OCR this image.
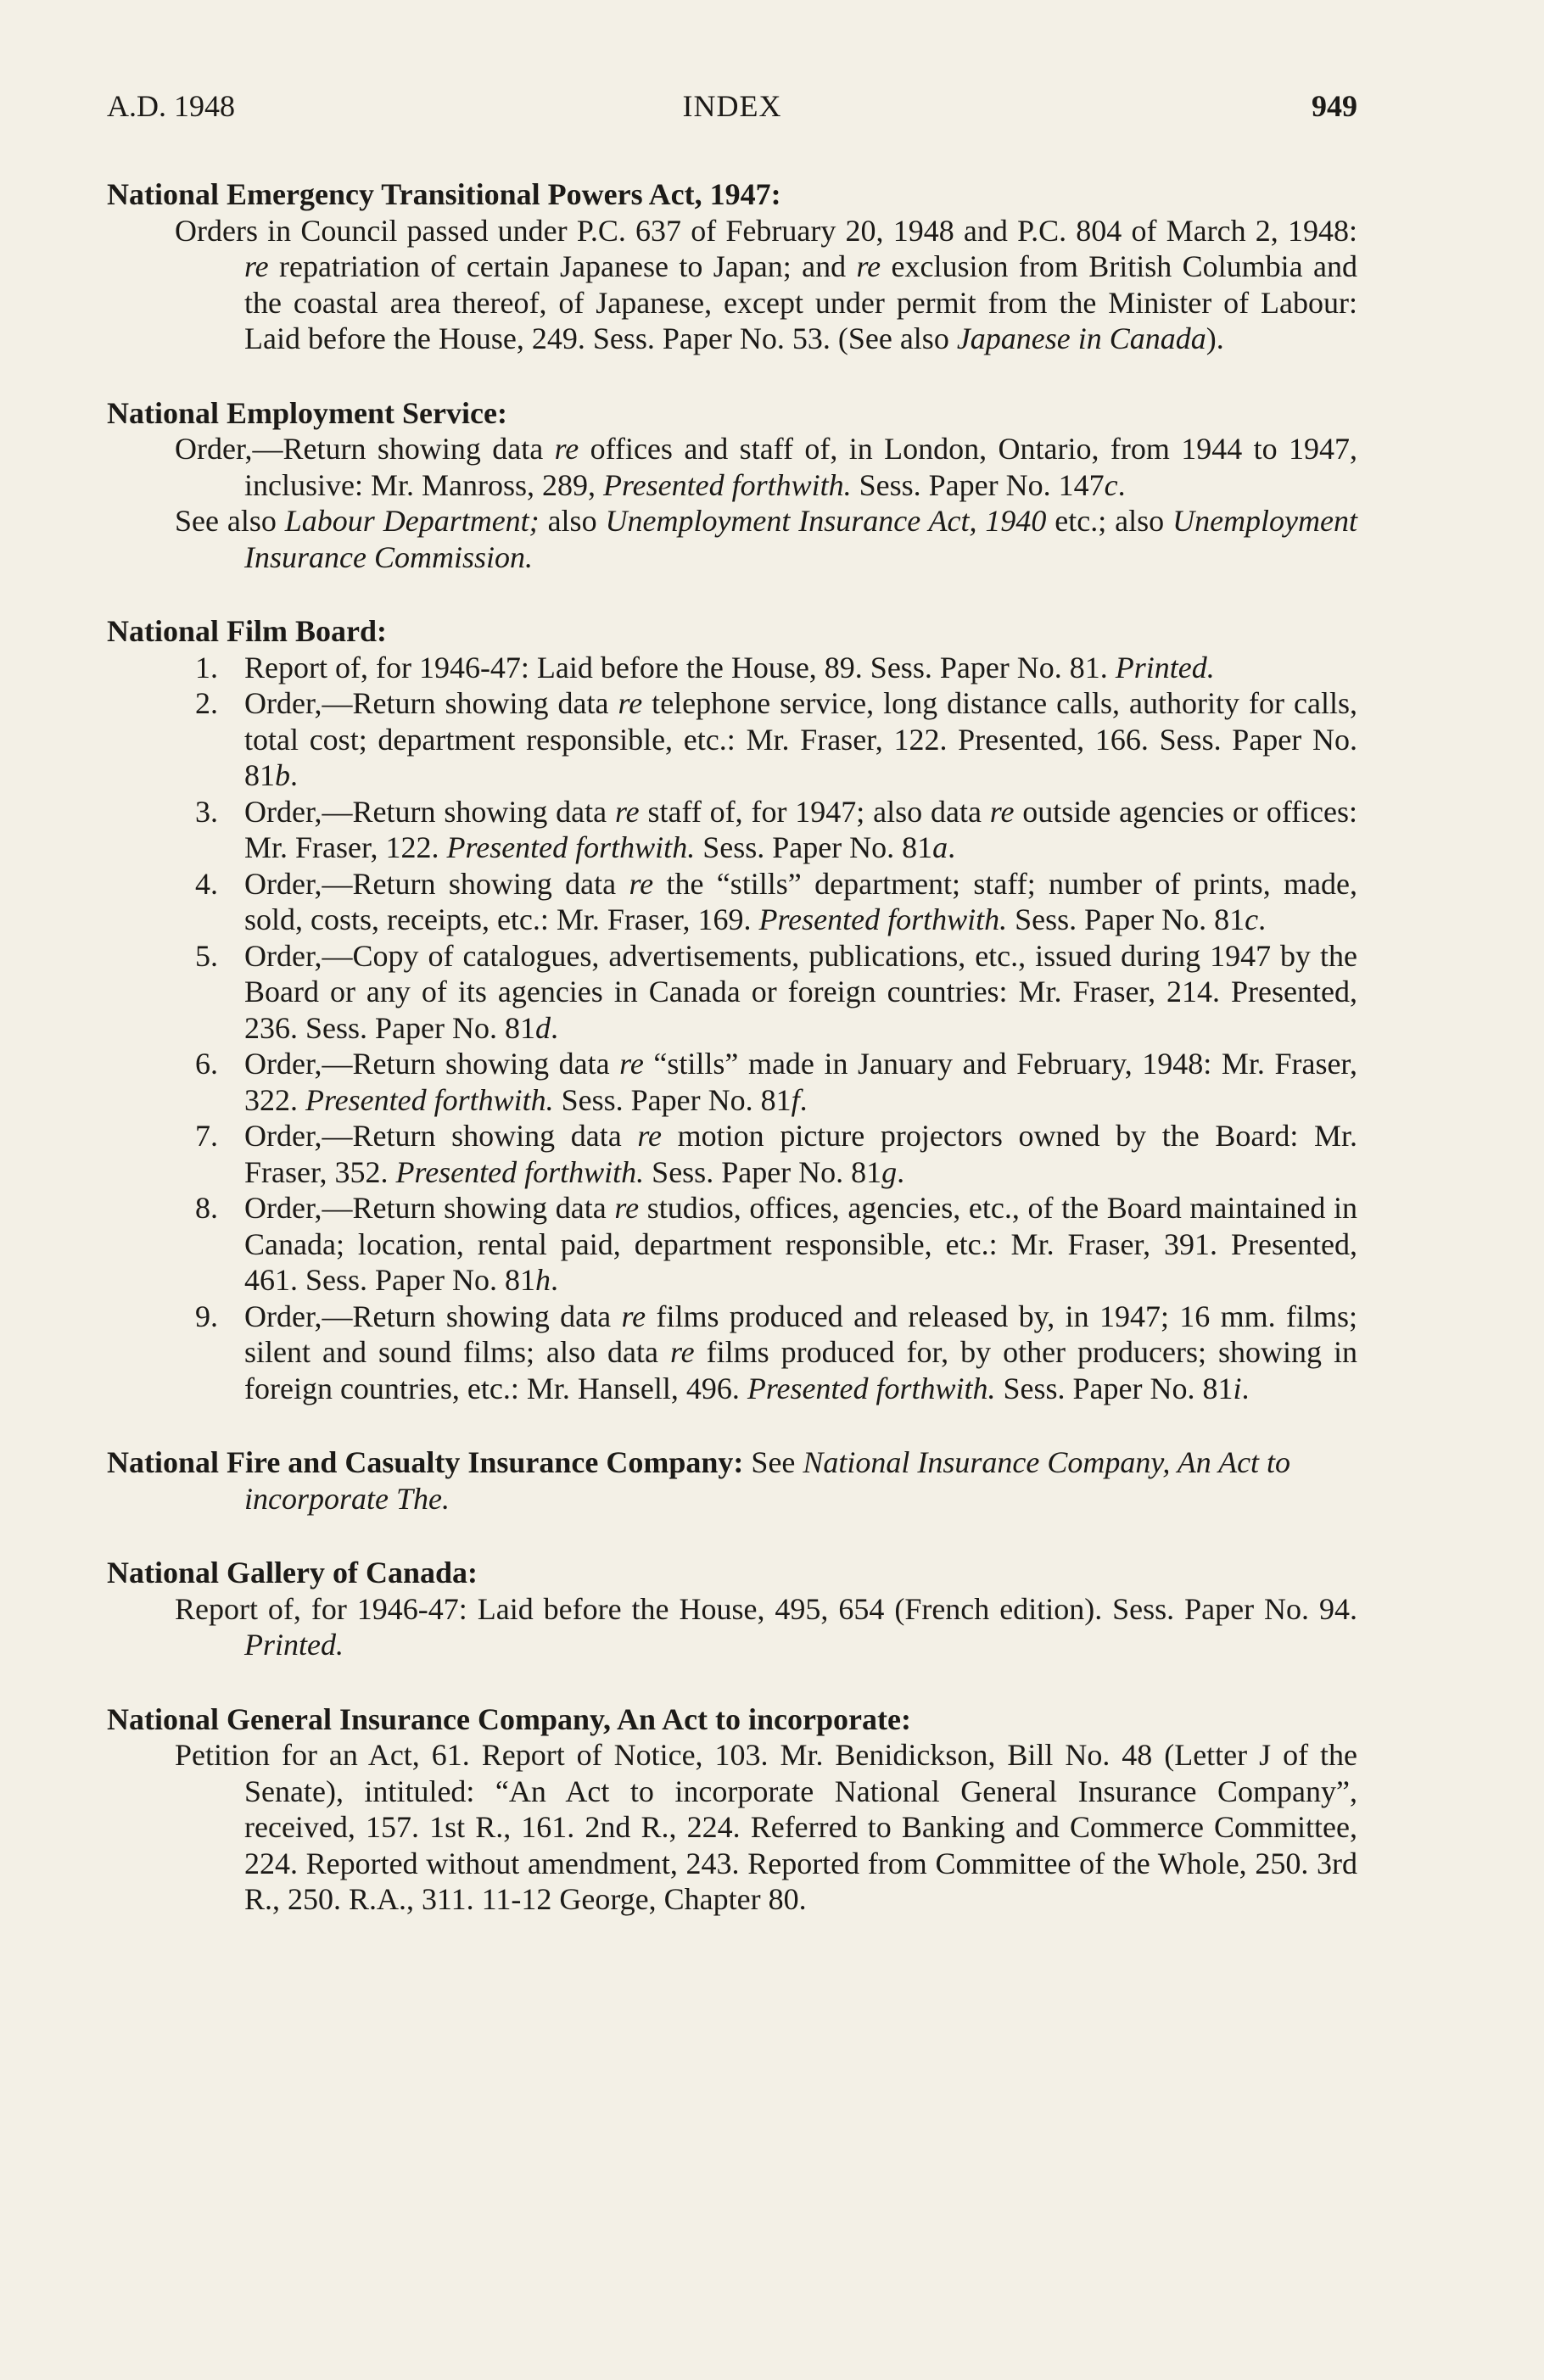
A.D. 1948	INDEX	949
National Emergency Transitional Powers Act, 1947:
Orders in Council passed under P.C. 637 of February 20, 1948 and P.C. 804 of March 2, 1948: re repatriation of certain Japanese to Japan; and re exclusion from British Columbia and the coastal area thereof, of Japanese, except under permit from the Minister of Labour: Laid before the House, 249. Sess. Paper No. 53. (See also Japanese in Canada).
National Employment Service:
Order,—Return showing data re offices and staff of, in London, Ontario, from 1944 to 1947, inclusive: Mr. Manross, 289, Presented forthwith. Sess. Paper No. 147c.
See also Labour Department; also Unemployment Insurance Act, 1940 etc.; also Unemployment Insurance Commission.
National Film Board:
1. Report of, for 1946-47: Laid before the House, 89. Sess. Paper No. 81. Printed.
2. Order,—Return showing data re telephone service, long distance calls, authority for calls, total cost; department responsible, etc.: Mr. Fraser, 122. Presented, 166. Sess. Paper No. 81b.
3. Order,—Return showing data re staff of, for 1947; also data re outside agencies or offices: Mr. Fraser, 122. Presented forthwith. Sess. Paper No. 81a.
4. Order,—Return showing data re the “stills” department; staff; number of prints, made, sold, costs, receipts, etc.: Mr. Fraser, 169. Presented forthwith. Sess. Paper No. 81c.
5. Order,—Copy of catalogues, advertisements, publications, etc., issued during 1947 by the Board or any of its agencies in Canada or foreign countries: Mr. Fraser, 214. Presented, 236. Sess. Paper No. 81d.
6. Order,—Return showing data re “stills” made in January and February, 1948: Mr. Fraser, 322. Presented forthwith. Sess. Paper No. 81f.
7. Order,—Return showing data re motion picture projectors owned by the Board: Mr. Fraser, 352. Presented forthwith. Sess. Paper No. 81g.
8. Order,—Return showing data re studios, offices, agencies, etc., of the Board maintained in Canada; location, rental paid, department responsible, etc.: Mr. Fraser, 391. Presented, 461. Sess. Paper No. 81h.
9. Order,—Return showing data re films produced and released by, in 1947; 16 mm. films; silent and sound films; also data re films produced for, by other producers; showing in foreign countries, etc.: Mr. Hansell, 496. Presented forthwith. Sess. Paper No. 81i.
National Fire and Casualty Insurance Company: See National Insurance Company, An Act to incorporate The.
National Gallery of Canada:
Report of, for 1946-47: Laid before the House, 495, 654 (French edition). Sess. Paper No. 94. Printed.
National General Insurance Company, An Act to incorporate:
Petition for an Act, 61. Report of Notice, 103. Mr. Benidickson, Bill No. 48 (Letter J of the Senate), intituled: “An Act to incorporate National General Insurance Company”, received, 157. 1st R., 161. 2nd R., 224. Referred to Banking and Commerce Committee, 224. Reported without amendment, 243. Reported from Committee of the Whole, 250. 3rd R., 250. R.A., 311. 11-12 George, Chapter 80.
